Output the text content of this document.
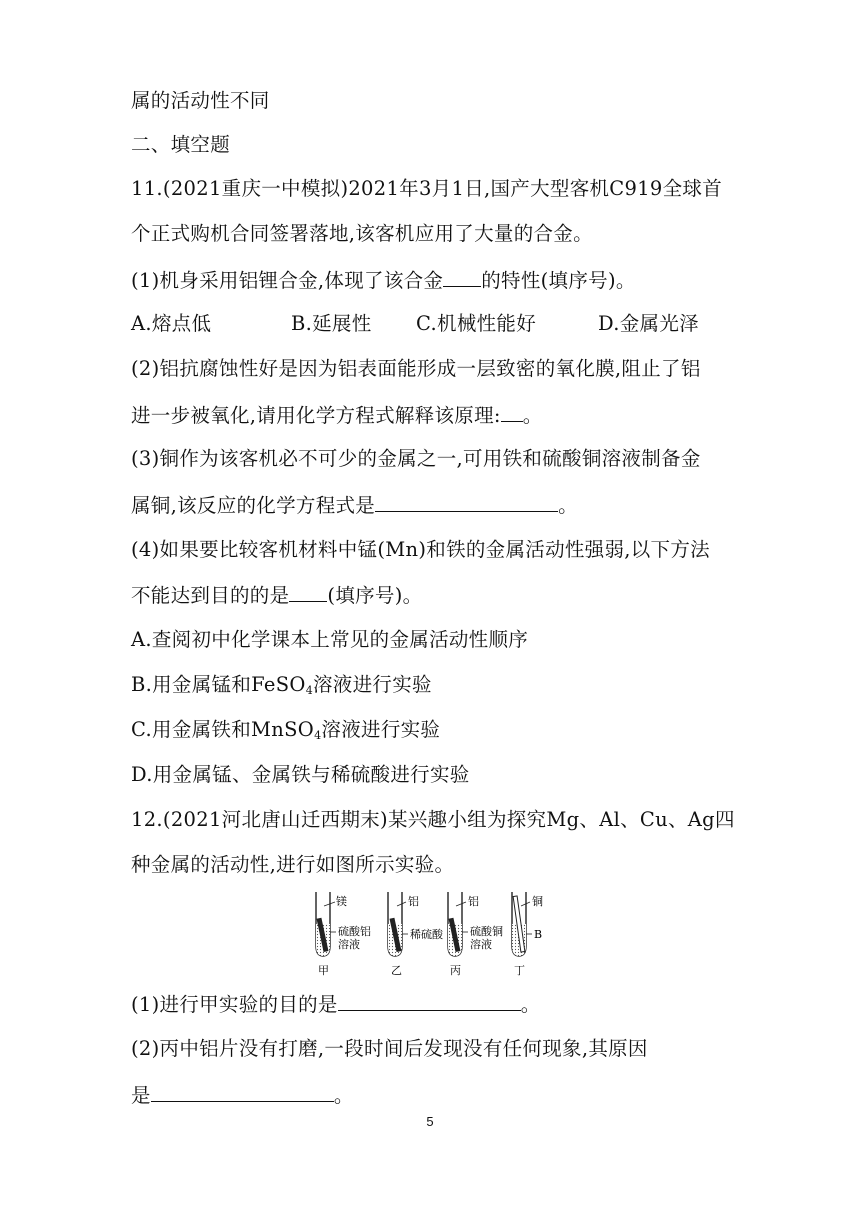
属的活动性不同
二、填空题
11.(2021重庆一中模拟)2021年3月1日,国产大型客机C919全球首
个正式购机合同签署落地,该客机应用了大量的合金。
(1)机身采用铝锂合金,体现了该合金 的特性(填序号)。
A.熔点低	B.延展性 C.机械性能好	D.金属光泽
(2)铝抗腐蚀性好是因为铝表面能形成一层致密的氧化膜,阻止了铝
进一步被氧化,请用化学方程式解释该原理: 。
(3)铜作为该客机必不可少的金属之一,可用铁和硫酸铜溶液制备金
属铜,该反应的化学方程式是	。
(4)如果要比较客机材料中锰(Mn)和铁的金属活动性强弱,以下方法
不能达到目的的是 (填序号)。
A.查阅初中化学课本上常见的金属活动性顺序
B.用金属锰和FeSO$_4$溶液进行实验
C.用金属铁和MnSO$_4$溶液进行实验
D.用金属锰、金属铁与稀硫酸进行实验
12.(2021河北唐山迁西期末)某兴趣小组为探究Mg、Al、Cu、Ag四
种金属的活动性,进行如图所示实验。
镁
硫酸铝
溶液
甲
铝
稀硫酸
乙
铝
硫酸铜
溶液
丙
铜
B
丁
(1)进行甲实验的目的是	。
(2)丙中铝片没有打磨,一段时间后发现没有任何现象,其原因
是	。
5
